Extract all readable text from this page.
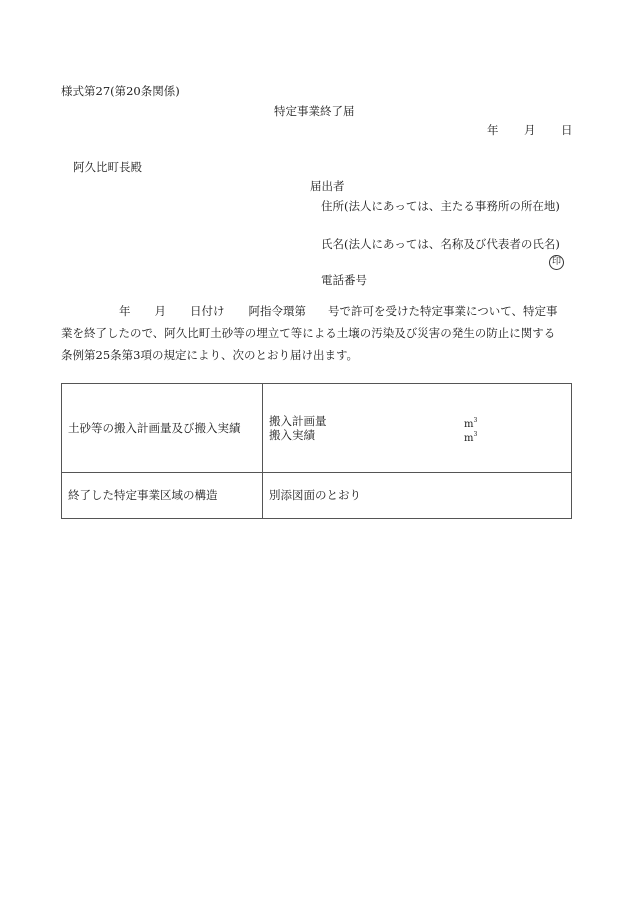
様式第27(第20条関係)
特定事業終了届
年 月 日
阿久比町長殿
届出者
住所(法人にあっては、主たる事務所の所在地)
氏名(法人にあっては、名称及び代表者の氏名)
印
電話番号
年 月 日付け 阿指令環第 号で許可を受けた特定事業について、特定事
業を終了したので、阿久比町土砂等の埋立て等による土壌の汚染及び災害の発生の防止に関する
条例第25条第3項の規定により、次のとおり届け出ます。
土砂等の搬入計画量及び搬入実績	搬入計画量 $m^3$
搬入実績 $m^3$

終了した特定事業区域の構造	別添図面のとおり
